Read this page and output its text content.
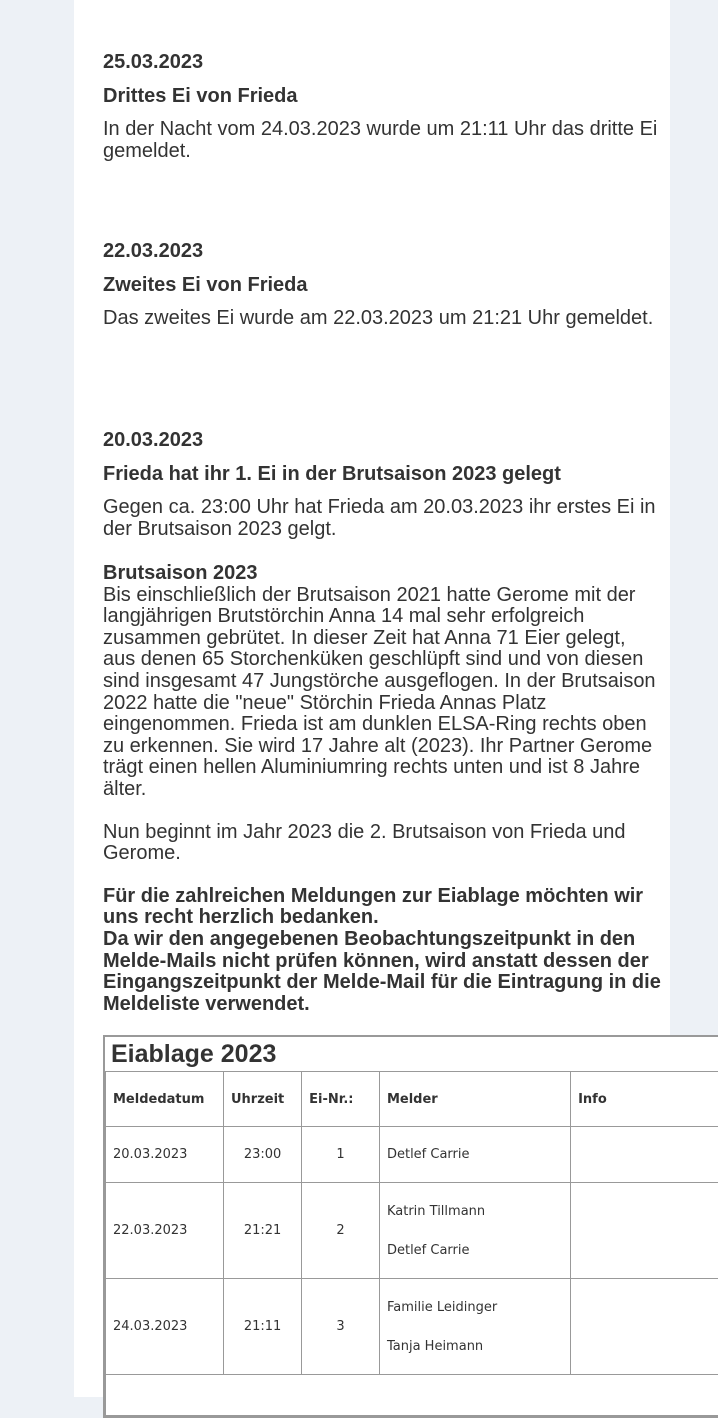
25.03.2023
Drittes Ei von Frieda
In der Nacht vom 24.03.2023 wurde um 21:11 Uhr das dritte Ei gemeldet.
22.03.2023
Zweites Ei von Frieda
Das zweites Ei wurde am 22.03.2023 um 21:21 Uhr gemeldet.
20.03.2023
Frieda hat ihr 1. Ei in der Brutsaison 2023 gelegt
Gegen ca. 23:00 Uhr hat Frieda am 20.03.2023 ihr erstes Ei in der Brutsaison 2023 gelgt.
Brutsaison 2023
Bis einschließlich der Brutsaison 2021 hatte Gerome mit der langjährigen Brutstörchin Anna 14 mal sehr erfolgreich zusammen gebrütet. In dieser Zeit hat Anna 71 Eier gelegt, aus denen 65 Storchenküken geschlüpft sind und von diesen sind insgesamt 47 Jungstörche ausgeflogen. In der Brutsaison 2022 hatte die "neue" Störchin Frieda Annas Platz eingenommen. Frieda ist am dunklen ELSA-Ring rechts oben zu erkennen. Sie wird 17 Jahre alt (2023). Ihr Partner Gerome trägt einen hellen Aluminiumring rechts unten und ist 8 Jahre älter.
Nun beginnt im Jahr 2023 die 2. Brutsaison von Frieda und Gerome.
Für die zahlreichen Meldungen zur Eiablage möchten wir uns recht herzlich bedanken.
Da wir den angegebenen Beobachtungszeitpunkt in den Melde-Mails nicht prüfen können, wird anstatt dessen der Eingangszeitpunkt der Melde-Mail für die Eintragung in die Meldeliste verwendet.
Eiablage 2023
Meldedatum	Uhrzeit	Ei-Nr.:	Melder	Info
20.03.2023	23:00	1	Detlef Carrie	

22.03.2023	21:21	2	Katrin Tillmann
Detlef Carrie	

24.03.2023	21:11	3	Familie Leidinger
Tanja Heimann	
